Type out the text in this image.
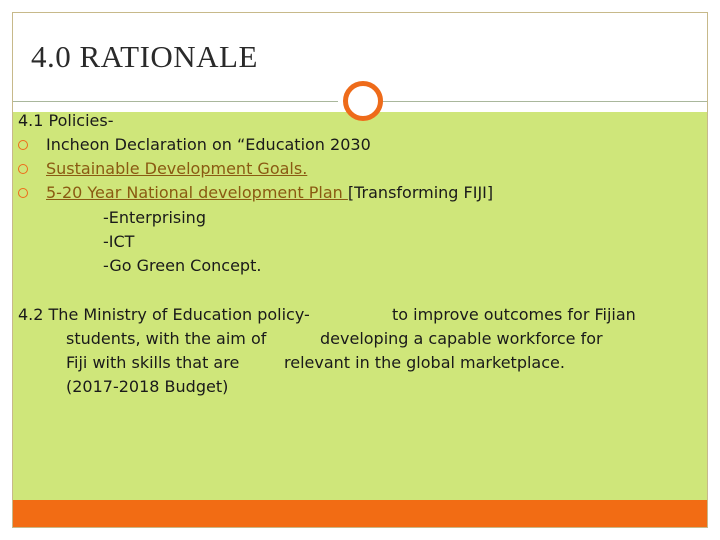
4.0 RATIONALE
4.1 Policies-
Incheon Declaration on “Education 2030
Sustainable Development Goals.
5-20 Year National development Plan [Transforming FIJI]
-Enterprising
-ICT
-Go Green Concept.
4.2 The Ministry of Education policy-	to improve outcomes for Fijian
students, with the aim of	developing a capable workforce for
Fiji with skills that are	relevant in the global marketplace.
(2017-2018 Budget)
